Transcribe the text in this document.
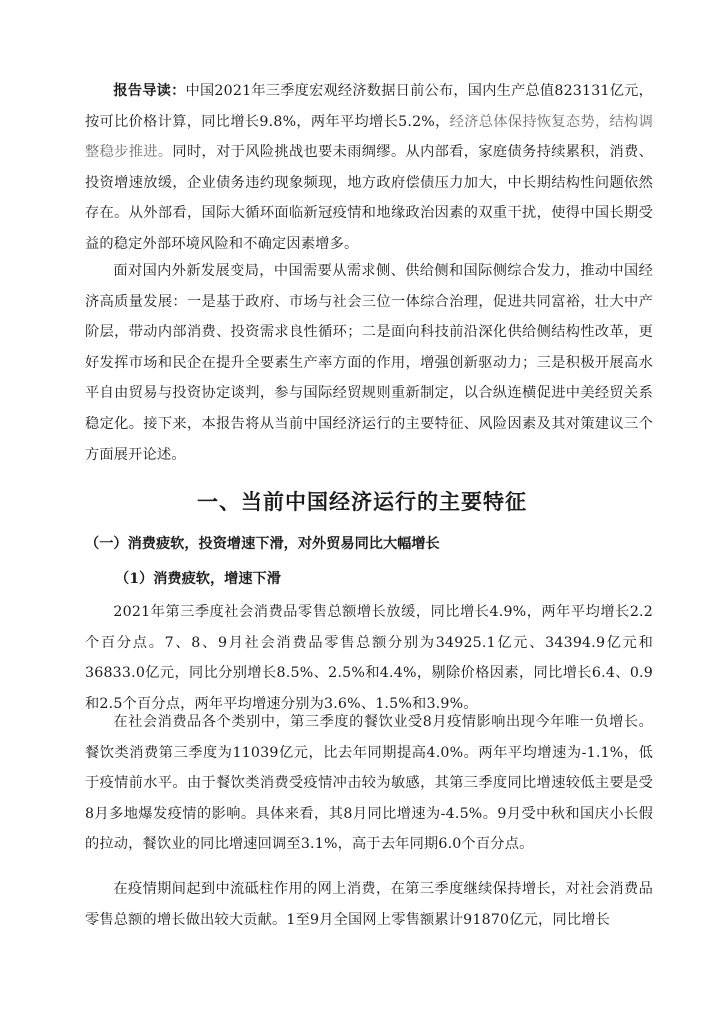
报告导读：中国2021年三季度宏观经济数据日前公布，国内生产总值823131亿元，按可比价格计算，同比增长9.8%，两年平均增长5.2%，经济总体保持恢复态势，结构调整稳步推进。同时，对于风险挑战也要未雨绸缪。从内部看，家庭债务持续累积，消费、投资增速放缓，企业债务违约现象频现，地方政府偿债压力加大，中长期结构性问题依然存在。从外部看，国际大循环面临新冠疫情和地缘政治因素的双重干扰，使得中国长期受益的稳定外部环境风险和不确定因素增多。

面对国内外新发展变局，中国需要从需求侧、供给侧和国际侧综合发力，推动中国经济高质量发展：一是基于政府、市场与社会三位一体综合治理，促进共同富裕，壮大中产阶层，带动内部消费、投资需求良性循环；二是面向科技前沿深化供给侧结构性改革，更好发挥市场和民企在提升全要素生产率方面的作用，增强创新驱动力；三是积极开展高水平自由贸易与投资协定谈判，参与国际经贸规则重新制定，以合纵连横促进中美经贸关系稳定化。接下来，本报告将从当前中国经济运行的主要特征、风险因素及其对策建议三个方面展开论述。

一、当前中国经济运行的主要特征

（一）消费疲软，投资增速下滑，对外贸易同比大幅增长

（1）消费疲软，增速下滑

2021年第三季度社会消费品零售总额增长放缓，同比增长4.9%，两年平均增长2.2个百分点。7、8、9月社会消费品零售总额分别为34925.1亿元、34394.9亿元和36833.0亿元，同比分别增长8.5%、2.5%和4.4%，剔除价格因素，同比增长6.4、0.9和2.5个百分点，两年平均增速分别为3.6%、1.5%和3.9%。

在社会消费品各个类别中，第三季度的餐饮业受8月疫情影响出现今年唯一负增长。餐饮类消费第三季度为11039亿元，比去年同期提高4.0%。两年平均增速为-1.1%，低于疫情前水平。由于餐饮类消费受疫情冲击较为敏感，其第三季度同比增速较低主要是受8月多地爆发疫情的影响。具体来看，其8月同比增速为-4.5%。9月受中秋和国庆小长假的拉动，餐饮业的同比增速回调至3.1%，高于去年同期6.0个百分点。

在疫情期间起到中流砥柱作用的网上消费，在第三季度继续保持增长，对社会消费品零售总额的增长做出较大贡献。1至9月全国网上零售额累计91870亿元，同比增长
